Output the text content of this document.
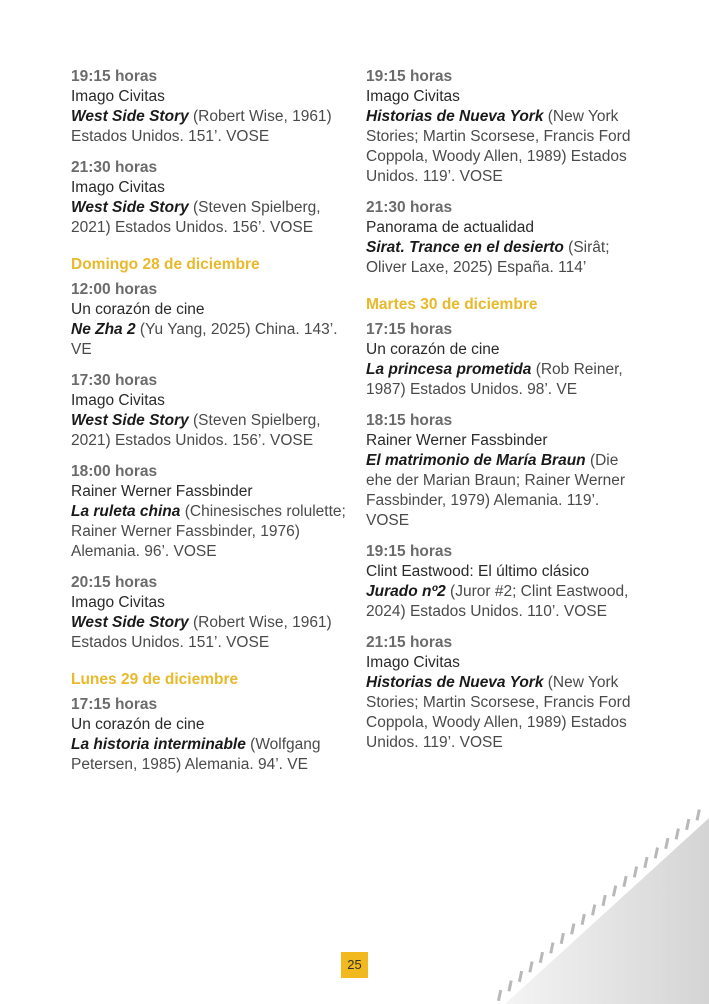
19:15 horas
Imago Civitas
West Side Story (Robert Wise, 1961) Estados Unidos. 151’. VOSE
21:30 horas
Imago Civitas
West Side Story (Steven Spielberg, 2021) Estados Unidos. 156’. VOSE
Domingo 28 de diciembre
12:00 horas
Un corazón de cine
Ne Zha 2 (Yu Yang, 2025) China. 143’. VE
17:30 horas
Imago Civitas
West Side Story (Steven Spielberg, 2021) Estados Unidos. 156’. VOSE
18:00 horas
Rainer Werner Fassbinder
La ruleta china (Chinesisches rolulette; Rainer Werner Fassbinder, 1976) Alemania. 96’. VOSE
20:15 horas
Imago Civitas
West Side Story (Robert Wise, 1961) Estados Unidos. 151’. VOSE
Lunes 29 de diciembre
17:15 horas
Un corazón de cine
La historia interminable (Wolfgang Petersen, 1985) Alemania. 94’. VE
19:15 horas
Imago Civitas
Historias de Nueva York (New York Stories; Martin Scorsese, Francis Ford Coppola, Woody Allen, 1989) Estados Unidos. 119’. VOSE
21:30 horas
Panorama de actualidad
Sirat. Trance en el desierto (Sirât; Oliver Laxe, 2025) España. 114’
Martes 30 de diciembre
17:15 horas
Un corazón de cine
La princesa prometida (Rob Reiner, 1987) Estados Unidos. 98’. VE
18:15 horas
Rainer Werner Fassbinder
El matrimonio de María Braun (Die ehe der Marian Braun; Rainer Werner Fassbinder, 1979) Alemania. 119’. VOSE
19:15 horas
Clint Eastwood: El último clásico
Jurado nº2 (Juror #2; Clint Eastwood, 2024) Estados Unidos. 110’. VOSE
21:15 horas
Imago Civitas
Historias de Nueva York (New York Stories; Martin Scorsese, Francis Ford Coppola, Woody Allen, 1989) Estados Unidos. 119’. VOSE
25
